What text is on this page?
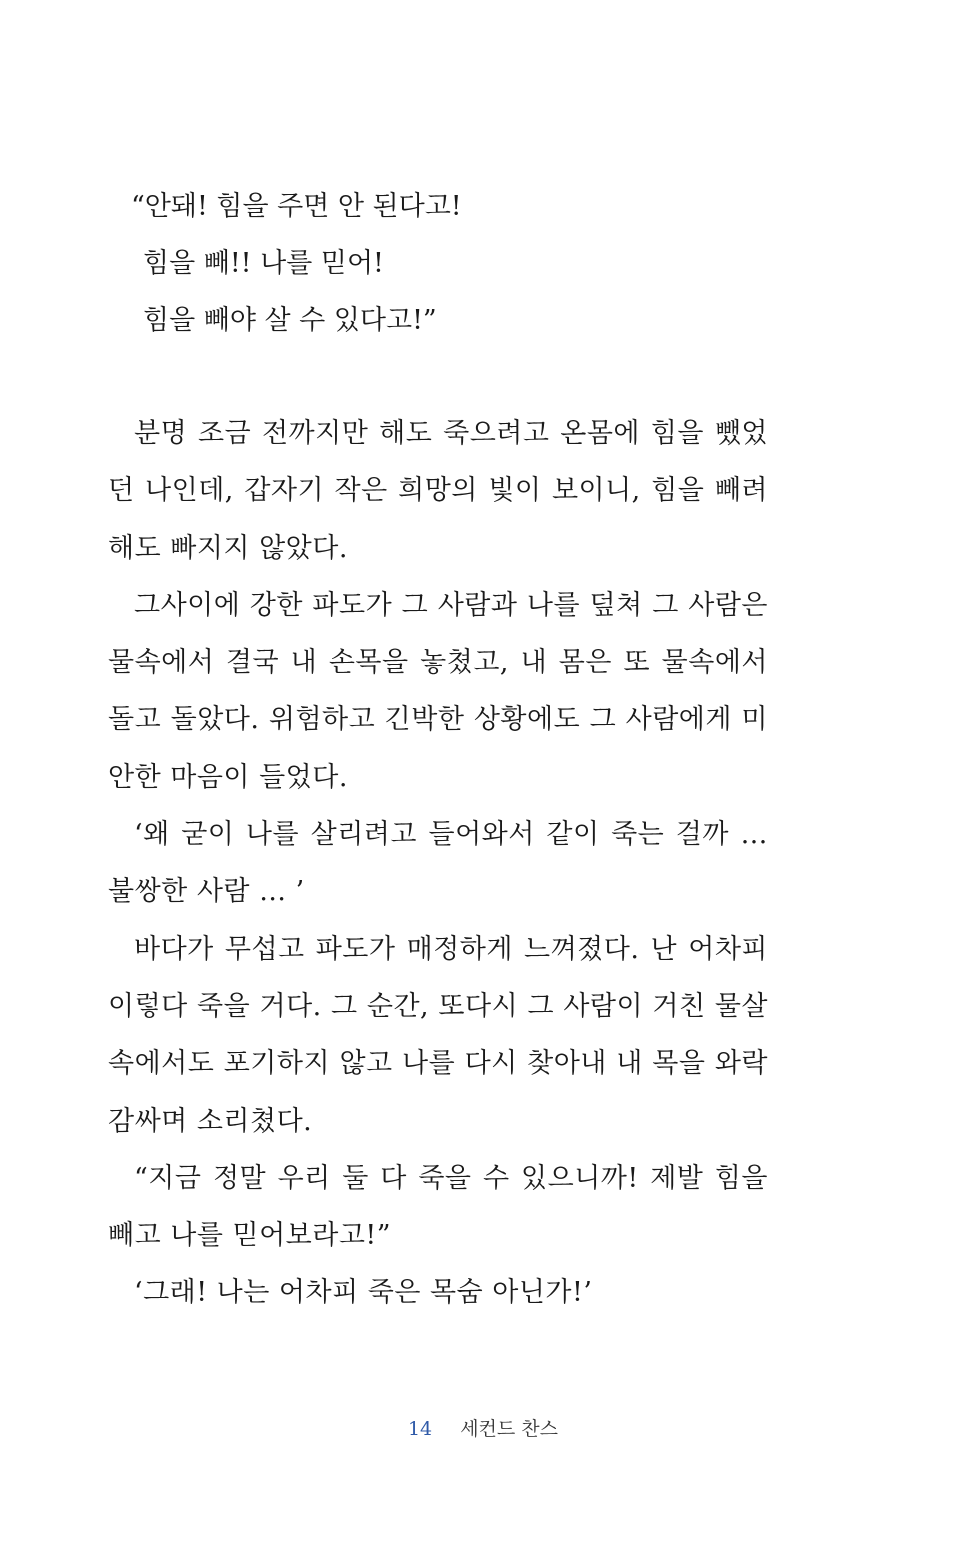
“안돼! 힘을 주면 안 된다고!
힘을 빼!! 나를 믿어!
힘을 빼야 살 수 있다고!”

분명 조금 전까지만 해도 죽으려고 온몸에 힘을 뺐었
던 나인데, 갑자기 작은 희망의 빛이 보이니, 힘을 빼려
해도 빠지지 않았다.

그사이에 강한 파도가 그 사람과 나를 덮쳐 그 사람은
물속에서 결국 내 손목을 놓쳤고, 내 몸은 또 물속에서
돌고 돌았다. 위험하고 긴박한 상황에도 그 사람에게 미
안한 마음이 들었다.

‘왜 굳이 나를 살리려고 들어와서 같이 죽는 걸까 …
불쌍한 사람 … ’

바다가 무섭고 파도가 매정하게 느껴졌다. 난 어차피
이렇다 죽을 거다. 그 순간, 또다시 그 사람이 거친 물살
속에서도 포기하지 않고 나를 다시 찾아내 내 목을 와락
감싸며 소리쳤다.

“지금 정말 우리 둘 다 죽을 수 있으니까! 제발 힘을
빼고 나를 믿어보라고!”

‘그래! 나는 어차피 죽은 목숨 아닌가!’

14 세컨드 찬스
